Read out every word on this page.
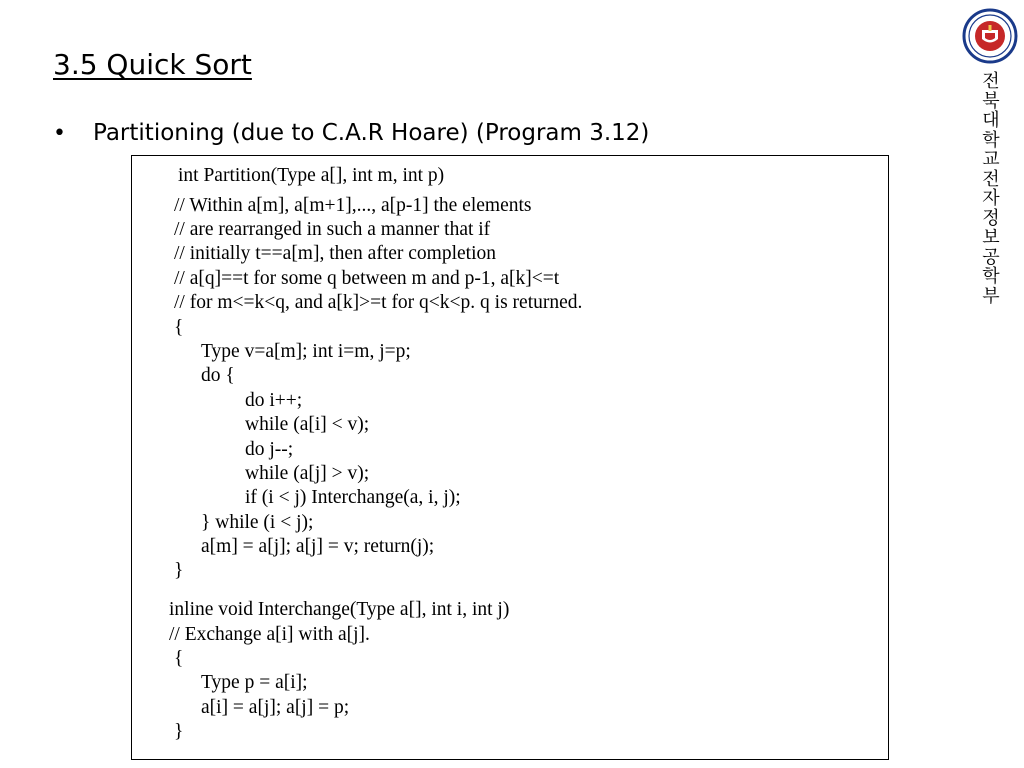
3.5 Quick Sort
•	Partitioning (due to C.A.R Hoare) (Program 3.12)
int Partition(Type a[], int m, int p)
// Within a[m], a[m+1],..., a[p-1] the elements
// are rearranged in such a manner that if
// initially t==a[m], then after completion
// a[q]==t for some q between m and p-1, a[k]<=t
// for m<=k<q, and a[k]>=t for q<k<p. q is returned.
{
Type v=a[m]; int i=m, j=p;
do {
do i++;
while (a[i] < v);
do j--;
while (a[j] > v);
if (i < j) Interchange(a, i, j);
} while (i < j);
a[m] = a[j]; a[j] = v; return(j);
}
inline void Interchange(Type a[], int i, int j)
// Exchange a[i] with a[j].
{
Type p = a[i];
a[i] = a[j]; a[j] = p;
}
전북대학교 전자정보공학부
